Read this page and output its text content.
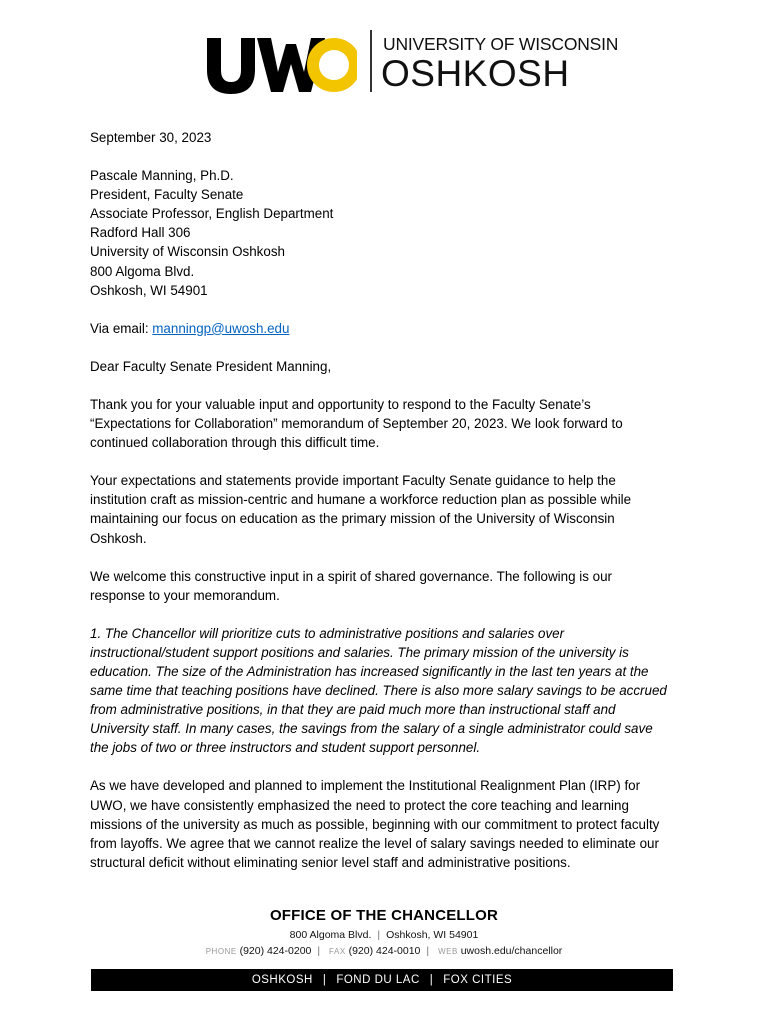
UNIVERSITY OF WISCONSIN
OSHKOSH

September 30, 2023

Pascale Manning, Ph.D.

President, Faculty Senate

Associate Professor, English Department

Radford Hall 306

University of Wisconsin Oshkosh

800 Algoma Blvd.

Oshkosh, WI 54901

Via email: manningp@uwosh.edu

Dear Faculty Senate President Manning,

Thank you for your valuable input and opportunity to respond to the Faculty Senate’s “Expectations for Collaboration” memorandum of September 20, 2023. We look forward to continued collaboration through this difficult time.

Your expectations and statements provide important Faculty Senate guidance to help the institution craft as mission-centric and humane a workforce reduction plan as possible while maintaining our focus on education as the primary mission of the University of Wisconsin Oshkosh.

We welcome this constructive input in a spirit of shared governance. The following is our response to your memorandum.

1. The Chancellor will prioritize cuts to administrative positions and salaries over instructional/student support positions and salaries. The primary mission of the university is education. The size of the Administration has increased significantly in the last ten years at the same time that teaching positions have declined. There is also more salary savings to be accrued from administrative positions, in that they are paid much more than instructional staff and University staff. In many cases, the savings from the salary of a single administrator could save the jobs of two or three instructors and student support personnel.

As we have developed and planned to implement the Institutional Realignment Plan (IRP) for UWO, we have consistently emphasized the need to protect the core teaching and learning missions of the university as much as possible, beginning with our commitment to protect faculty from layoffs. We agree that we cannot realize the level of salary savings needed to eliminate our structural deficit without eliminating senior level staff and administrative positions.

OFFICE OF THE CHANCELLOR
800 Algoma Blvd. | Oshkosh, WI 54901
PHONE (920) 424-0200 | FAX (920) 424-0010 | WEB uwosh.edu/chancellor
OSHKOSH | FOND DU LAC | FOX CITIES
